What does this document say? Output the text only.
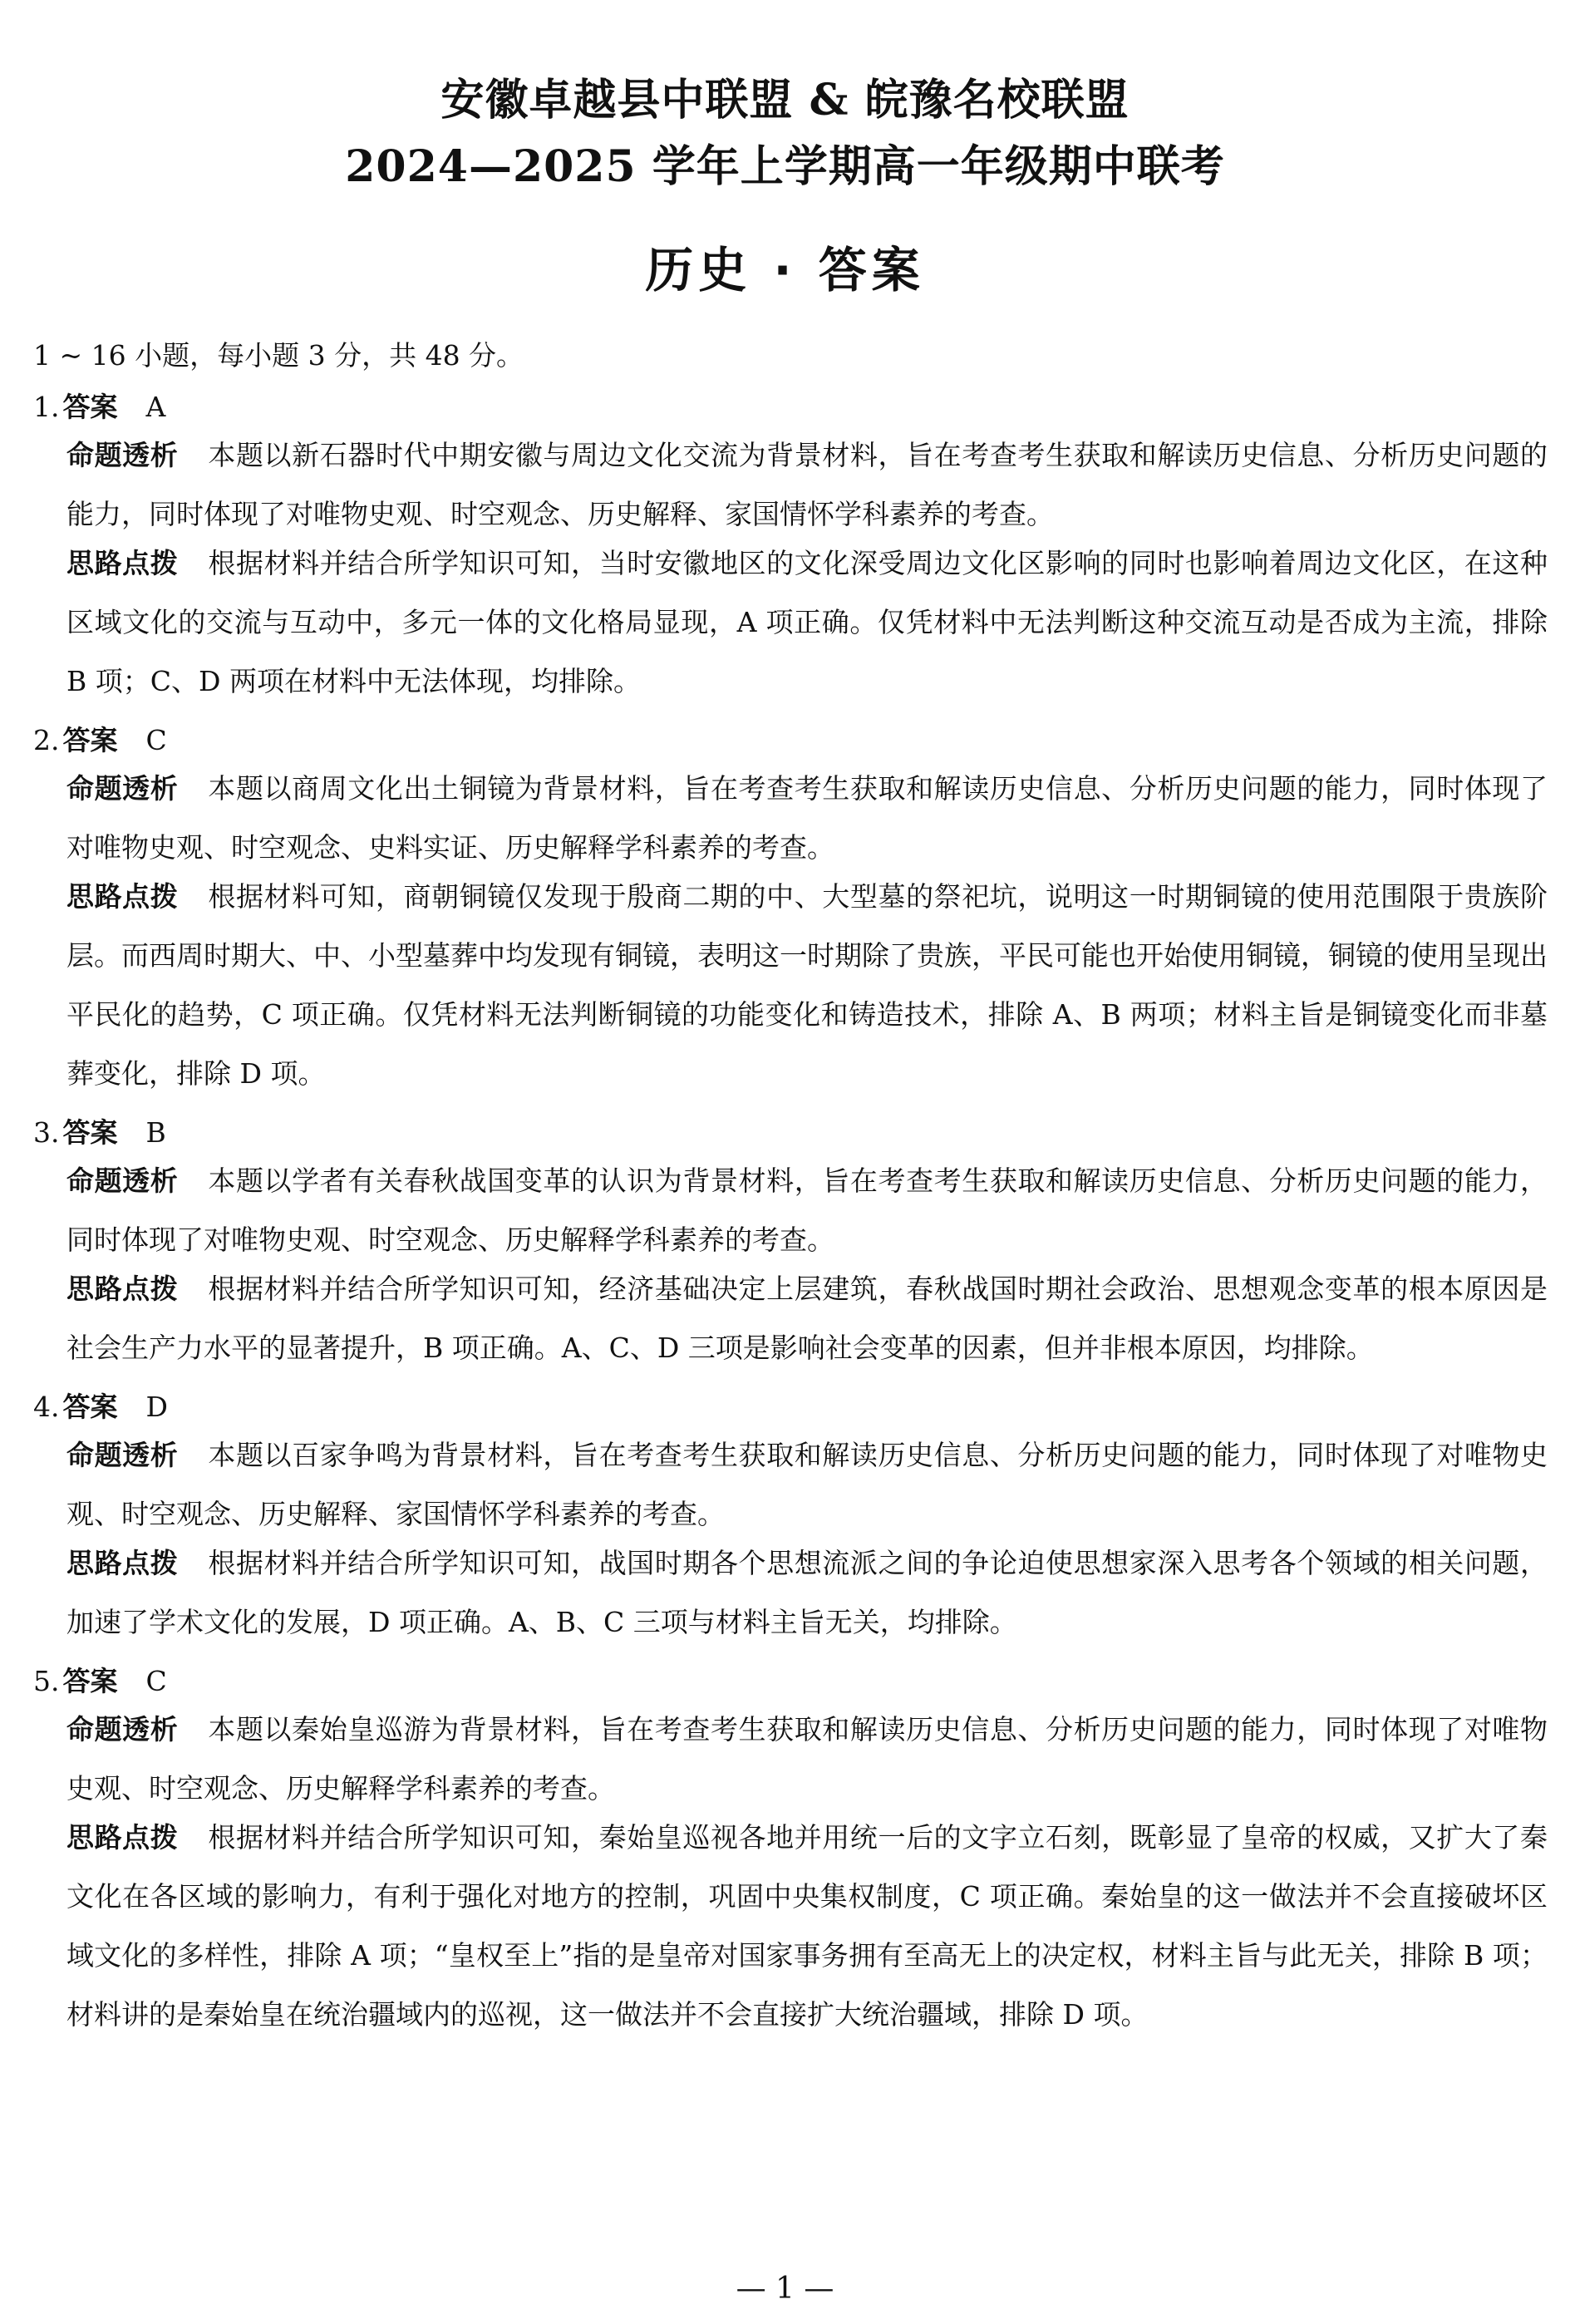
安徽卓越县中联盟 & 皖豫名校联盟
2024—2025 学年上学期高一年级期中联考
历史 · 答案
1 ~ 16 小题，每小题 3 分，共 48 分。
1. 答案 A
命题透析 本题以新石器时代中期安徽与周边文化交流为背景材料，旨在考查考生获取和解读历史信息、分析历史问题的能力，同时体现了对唯物史观、时空观念、历史解释、家国情怀学科素养的考查。
思路点拨 根据材料并结合所学知识可知，当时安徽地区的文化深受周边文化区影响的同时也影响着周边文化区，在这种区域文化的交流与互动中，多元一体的文化格局显现，A 项正确。仅凭材料中无法判断这种交流互动是否成为主流，排除 B 项；C、D 两项在材料中无法体现，均排除。
2. 答案 C
命题透析 本题以商周文化出土铜镜为背景材料，旨在考查考生获取和解读历史信息、分析历史问题的能力，同时体现了对唯物史观、时空观念、史料实证、历史解释学科素养的考查。
思路点拨 根据材料可知，商朝铜镜仅发现于殷商二期的中、大型墓的祭祀坑，说明这一时期铜镜的使用范围限于贵族阶层。而西周时期大、中、小型墓葬中均发现有铜镜，表明这一时期除了贵族，平民可能也开始使用铜镜，铜镜的使用呈现出平民化的趋势，C 项正确。仅凭材料无法判断铜镜的功能变化和铸造技术，排除 A、B 两项；材料主旨是铜镜变化而非墓葬变化，排除 D 项。
3. 答案 B
命题透析 本题以学者有关春秋战国变革的认识为背景材料，旨在考查考生获取和解读历史信息、分析历史问题的能力，同时体现了对唯物史观、时空观念、历史解释学科素养的考查。
思路点拨 根据材料并结合所学知识可知，经济基础决定上层建筑，春秋战国时期社会政治、思想观念变革的根本原因是社会生产力水平的显著提升，B 项正确。A、C、D 三项是影响社会变革的因素，但并非根本原因，均排除。
4. 答案 D
命题透析 本题以百家争鸣为背景材料，旨在考查考生获取和解读历史信息、分析历史问题的能力，同时体现了对唯物史观、时空观念、历史解释、家国情怀学科素养的考查。
思路点拨 根据材料并结合所学知识可知，战国时期各个思想流派之间的争论迫使思想家深入思考各个领域的相关问题，加速了学术文化的发展，D 项正确。A、B、C 三项与材料主旨无关，均排除。
5. 答案 C
命题透析 本题以秦始皇巡游为背景材料，旨在考查考生获取和解读历史信息、分析历史问题的能力，同时体现了对唯物史观、时空观念、历史解释学科素养的考查。
思路点拨 根据材料并结合所学知识可知，秦始皇巡视各地并用统一后的文字立石刻，既彰显了皇帝的权威，又扩大了秦文化在各区域的影响力，有利于强化对地方的控制，巩固中央集权制度，C 项正确。秦始皇的这一做法并不会直接破坏区域文化的多样性，排除 A 项；“皇权至上”指的是皇帝对国家事务拥有至高无上的决定权，材料主旨与此无关，排除 B 项；材料讲的是秦始皇在统治疆域内的巡视，这一做法并不会直接扩大统治疆域，排除 D 项。
— 1 —
